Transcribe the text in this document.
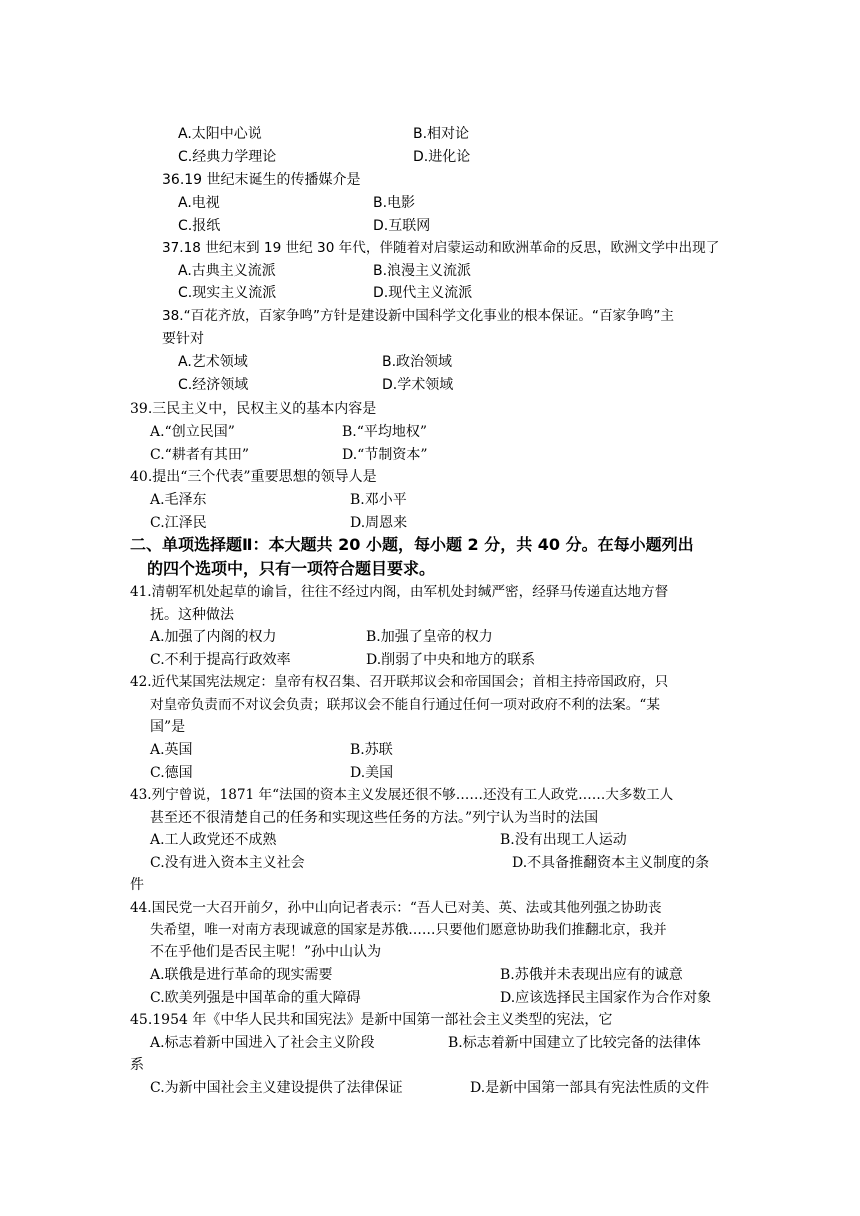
A.太阳中心说	B.相对论
C.经典力学理论	D.进化论
36.19 世纪末诞生的传播媒介是
A.电视	B.电影
C.报纸	D.互联网
37.18 世纪末到 19 世纪 30 年代，伴随着对启蒙运动和欧洲革命的反思，欧洲文学中出现了
A.古典主义流派	B.浪漫主义流派
C.现实主义流派	D.现代主义流派
38.“百花齐放，百家争鸣”方针是建设新中国科学文化事业的根本保证。“百家争鸣”主
要针对
A.艺术领域	B.政治领域
C.经济领域	D.学术领域
39.三民主义中，民权主义的基本内容是
A.“创立民国”	B.“平均地权”
C.“耕者有其田”	D.“节制资本”
40.提出“三个代表”重要思想的领导人是
A.毛泽东	B.邓小平
C.江泽民	D.周恩来
二、单项选择题Ⅱ：本大题共 20 小题，每小题 2 分，共 40 分。在每小题列出
的四个选项中，只有一项符合题目要求。
41.清朝军机处起草的谕旨，往往不经过内阁，由军机处封缄严密，经驿马传递直达地方督
抚。这种做法
A.加强了内阁的权力	B.加强了皇帝的权力
C.不利于提高行政效率	D.削弱了中央和地方的联系
42.近代某国宪法规定：皇帝有权召集、召开联邦议会和帝国国会；首相主持帝国政府，只
对皇帝负责而不对议会负责；联邦议会不能自行通过任何一项对政府不利的法案。“某
国”是
A.英国	B.苏联
C.德国	D.美国
43.列宁曾说，1871 年“法国的资本主义发展还很不够……还没有工人政党……大多数工人
甚至还不很清楚自己的任务和实现这些任务的方法。”列宁认为当时的法国
A.工人政党还不成熟	B.没有出现工人运动
C.没有进入资本主义社会	D.不具备推翻资本主义制度的条
件
44.国民党一大召开前夕，孙中山向记者表示：“吾人已对美、英、法或其他列强之协助丧
失希望，唯一对南方表现诚意的国家是苏俄……只要他们愿意协助我们推翻北京，我并
不在乎他们是否民主呢！”孙中山认为
A.联俄是进行革命的现实需要	B.苏俄并未表现出应有的诚意
C.欧美列强是中国革命的重大障碍	D.应该选择民主国家作为合作对象
45.1954 年《中华人民共和国宪法》是新中国第一部社会主义类型的宪法，它
A.标志着新中国进入了社会主义阶段	B.标志着新中国建立了比较完备的法律体
系
C.为新中国社会主义建设提供了法律保证	D.是新中国第一部具有宪法性质的文件
